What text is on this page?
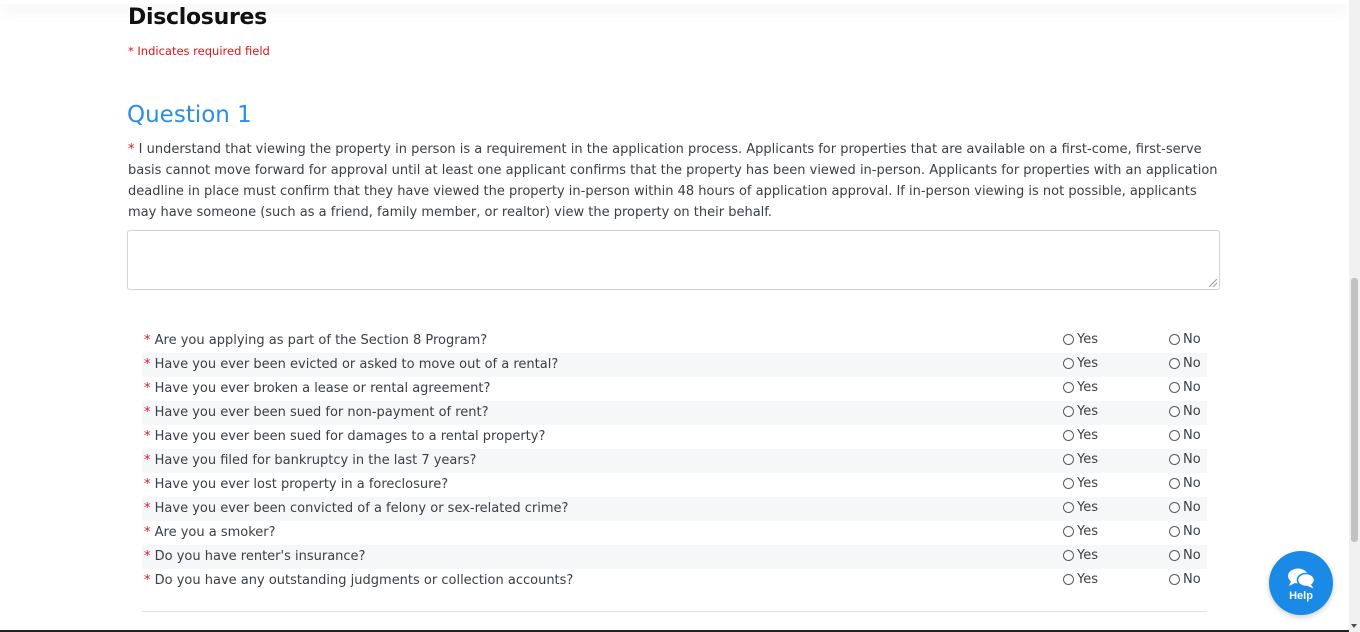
Disclosures
* Indicates required field
Question 1
* I understand that viewing the property in person is a requirement in the application process. Applicants for properties that are available on a first-come, first-serve basis cannot move forward for approval until at least one applicant confirms that the property has been viewed in-person. Applicants for properties with an application deadline in place must confirm that they have viewed the property in-person within 48 hours of application approval. If in-person viewing is not possible, applicants may have someone (such as a friend, family member, or realtor) view the property on their behalf.
* Are you applying as part of the Section 8 Program?	Yes	No
* Have you ever been evicted or asked to move out of a rental?	Yes	No
* Have you ever broken a lease or rental agreement?	Yes	No
* Have you ever been sued for non-payment of rent?	Yes	No
* Have you ever been sued for damages to a rental property?	Yes	No
* Have you filed for bankruptcy in the last 7 years?	Yes	No
* Have you ever lost property in a foreclosure?	Yes	No
* Have you ever been convicted of a felony or sex-related crime?	Yes	No
* Are you a smoker?	Yes	No
* Do you have renter's insurance?	Yes	No
* Do you have any outstanding judgments or collection accounts?	Yes	No
Help
